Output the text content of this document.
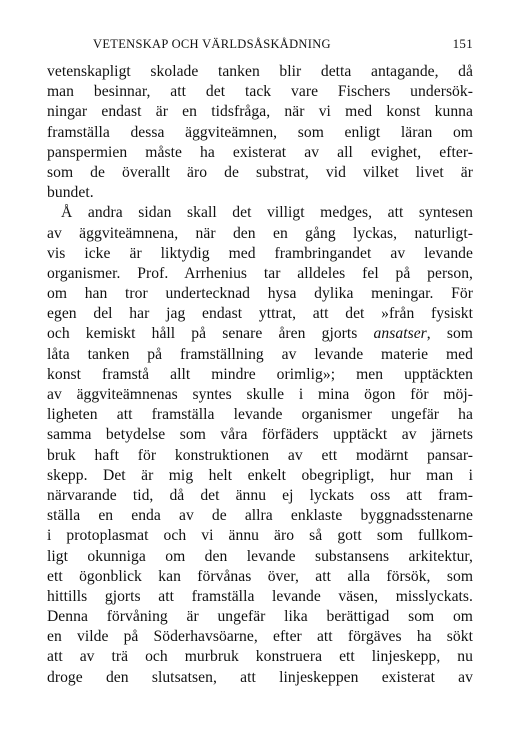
VETENSKAP OCH VÄRLDSÅSKÅDNING	151
vetenskapligt skolade tanken blir detta antagande, då
man besinnar, att det tack vare Fischers undersök-
ningar endast är en tidsfråga, när vi med konst kunna
framställa dessa äggviteämnen, som enligt läran om
panspermien måste ha existerat av all evighet, efter-
som de överallt äro de substrat, vid vilket livet är
bundet.
Å andra sidan skall det villigt medges, att syntesen
av äggviteämnena, när den en gång lyckas, naturligt-
vis icke är liktydig med frambringandet av levande
organismer. Prof. Arrhenius tar alldeles fel på person,
om han tror undertecknad hysa dylika meningar. För
egen del har jag endast yttrat, att det »från fysiskt
och kemiskt håll på senare åren gjorts ansatser, som
låta tanken på framställning av levande materie med
konst framstå allt mindre orimlig»; men upptäckten
av äggviteämnenas syntes skulle i mina ögon för möj-
ligheten att framställa levande organismer ungefär ha
samma betydelse som våra förfäders upptäckt av järnets
bruk haft för konstruktionen av ett modärnt pansar-
skepp. Det är mig helt enkelt obegripligt, hur man i
närvarande tid, då det ännu ej lyckats oss att fram-
ställa en enda av de allra enklaste byggnadsstenarne
i protoplasmat och vi ännu äro så gott som fullkom-
ligt okunniga om den levande substansens arkitektur,
ett ögonblick kan förvånas över, att alla försök, som
hittills gjorts att framställa levande väsen, misslyckats.
Denna förvåning är ungefär lika berättigad som om
en vilde på Söderhavsöarne, efter att förgäves ha sökt
att av trä och murbruk konstruera ett linjeskepp, nu
droge den slutsatsen, att linjeskeppen existerat av
